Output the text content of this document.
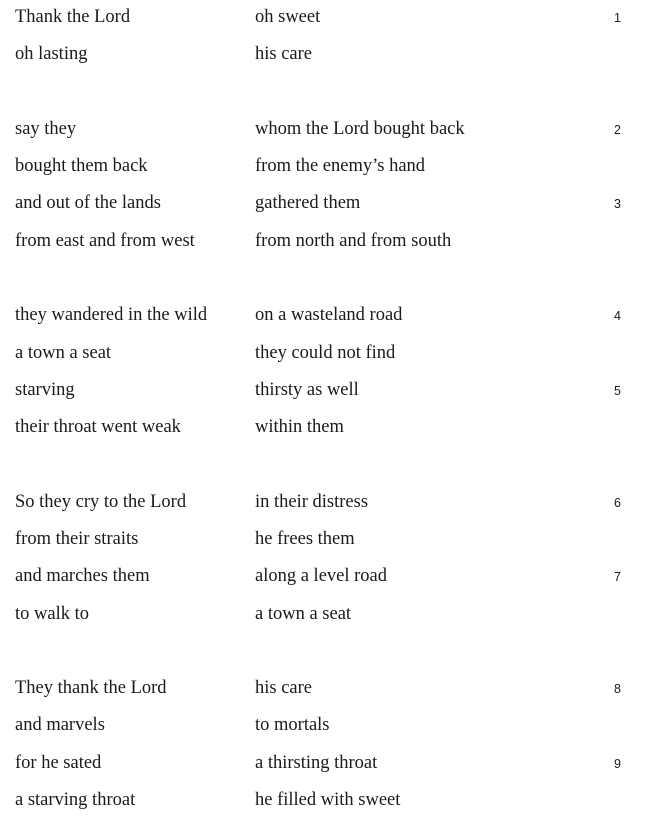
Thank the Lord	oh sweet	1
oh lasting	his care
say they	whom the Lord bought back	2
bought them back	from the enemy’s hand
and out of the lands	gathered them	3
from east and from west	from north and from south
they wandered in the wild	on a wasteland road	4
a town a seat	they could not find
starving	thirsty as well	5
their throat went weak	within them
So they cry to the Lord	in their distress	6
from their straits	he frees them
and marches them	along a level road	7
to walk to	a town a seat
They thank the Lord	his care	8
and marvels	to mortals
for he sated	a thirsting throat	9
a starving throat	he filled with sweet
